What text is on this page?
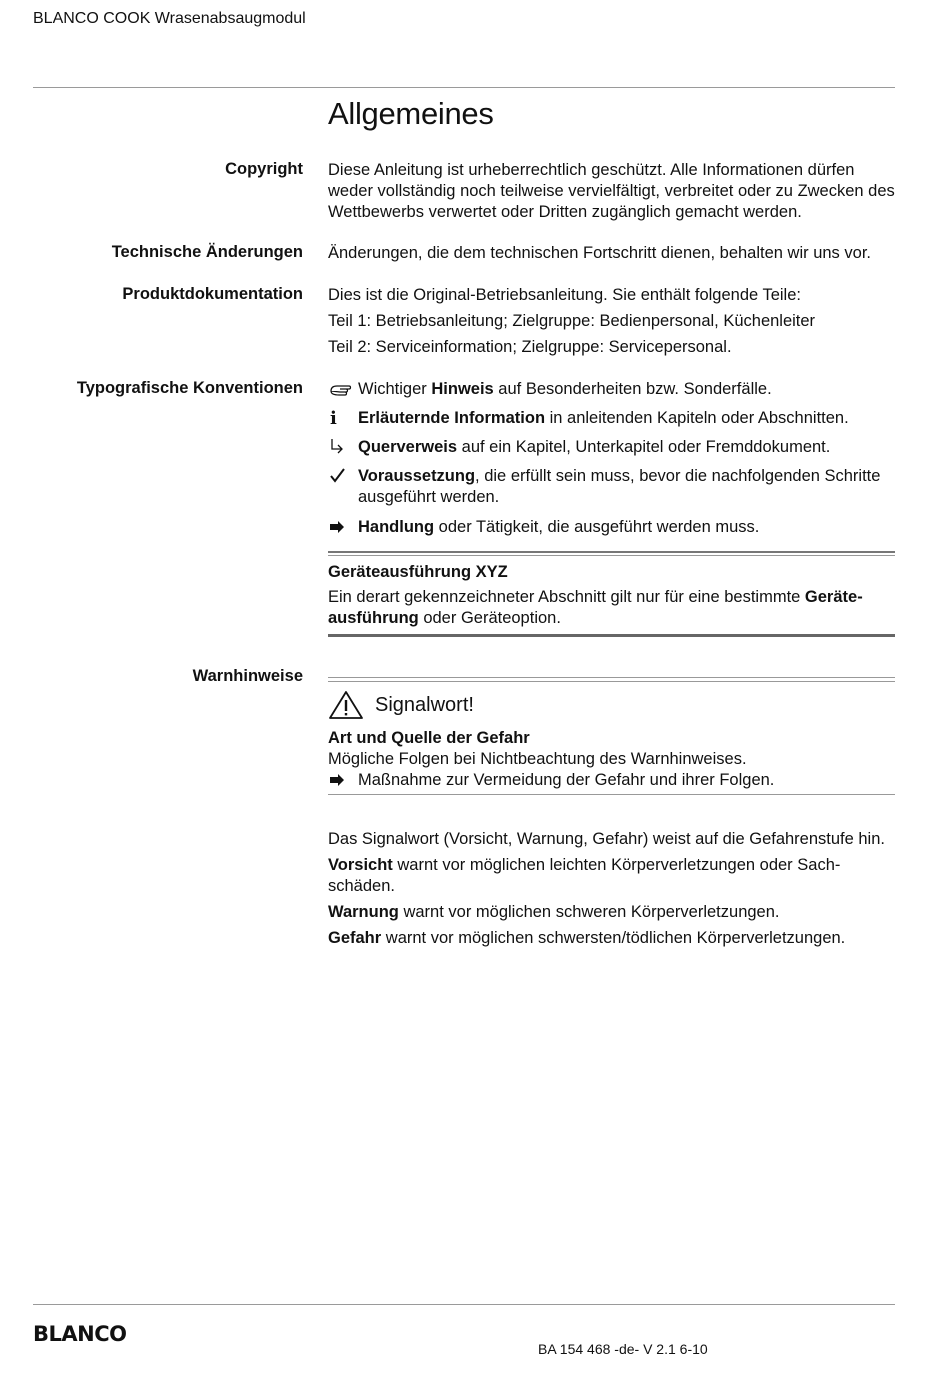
BLANCO COOK Wrasenabsaugmodul
Allgemeines
Copyright Diese Anleitung ist urheberrechtlich geschützt. Alle Informationen dürfen weder vollständig noch teilweise vervielfältigt, verbreitet oder zu Zwecken des Wettbewerbs verwertet oder Dritten zugänglich gemacht werden.
Technische Änderungen Änderungen, die dem technischen Fortschritt dienen, behalten wir uns vor.
Produktdokumentation Dies ist die Original-Betriebsanleitung. Sie enthält folgende Teile:
Teil 1: Betriebsanleitung; Zielgruppe: Bedienpersonal, Küchenleiter
Teil 2: Serviceinformation; Zielgruppe: Servicepersonal.
Typografische Konventionen	Wichtiger Hinweis auf Besonderheiten bzw. Sonderfälle.
i	Erläuternde Information in anleitenden Kapiteln oder Abschnitten.
Querverweis auf ein Kapitel, Unterkapitel oder Fremddokument.
Voraussetzung, die erfüllt sein muss, bevor die nachfolgenden Schritte ausgeführt werden.
Handlung oder Tätigkeit, die ausgeführt werden muss.
Geräteausführung XYZ
Ein derart gekennzeichneter Abschnitt gilt nur für eine bestimmte Geräte-ausführung oder Geräteoption.
Warnhinweise
Signalwort!
Art und Quelle der Gefahr
Mögliche Folgen bei Nichtbeachtung des Warnhinweises.
Maßnahme zur Vermeidung der Gefahr und ihrer Folgen.
Das Signalwort (Vorsicht, Warnung, Gefahr) weist auf die Gefahrenstufe hin.
Vorsicht warnt vor möglichen leichten Körperverletzungen oder Sach-schäden.
Warnung warnt vor möglichen schweren Körperverletzungen.
Gefahr warnt vor möglichen schwersten/tödlichen Körperverletzungen.
BLANCO
BA 154 468 -de- V 2.1 6-10
